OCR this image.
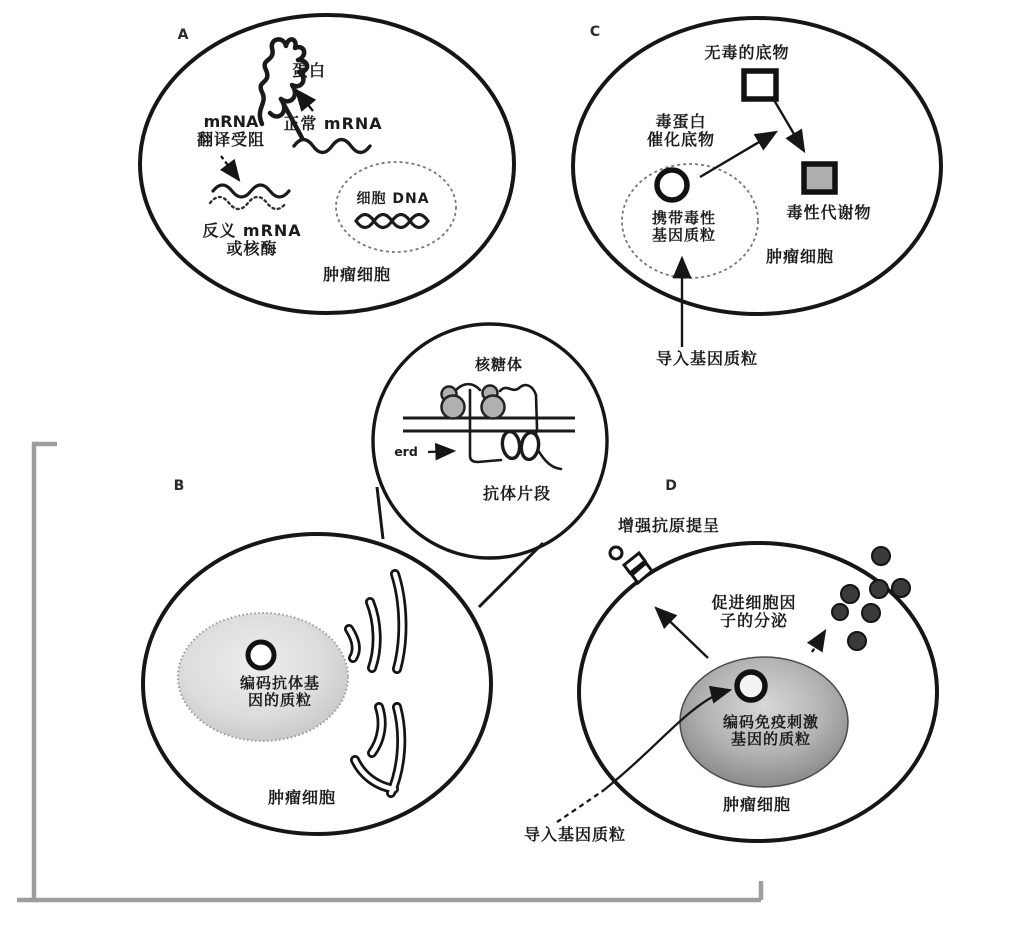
A
蛋白
正常 mRNA
mRNA
翻译受阻
反义 mRNA
或核酶
细胞 DNA
肿瘤细胞
C
无毒的底物
毒蛋白
催化底物
携带毒性
基因质粒
毒性代谢物
肿瘤细胞
导入基因质粒
核糖体
erd
抗体片段
B
编码抗体基
因的质粒
肿瘤细胞
D
增强抗原提呈
促进细胞因
子的分泌
编码免疫刺激
基因的质粒
肿瘤细胞
导入基因质粒
